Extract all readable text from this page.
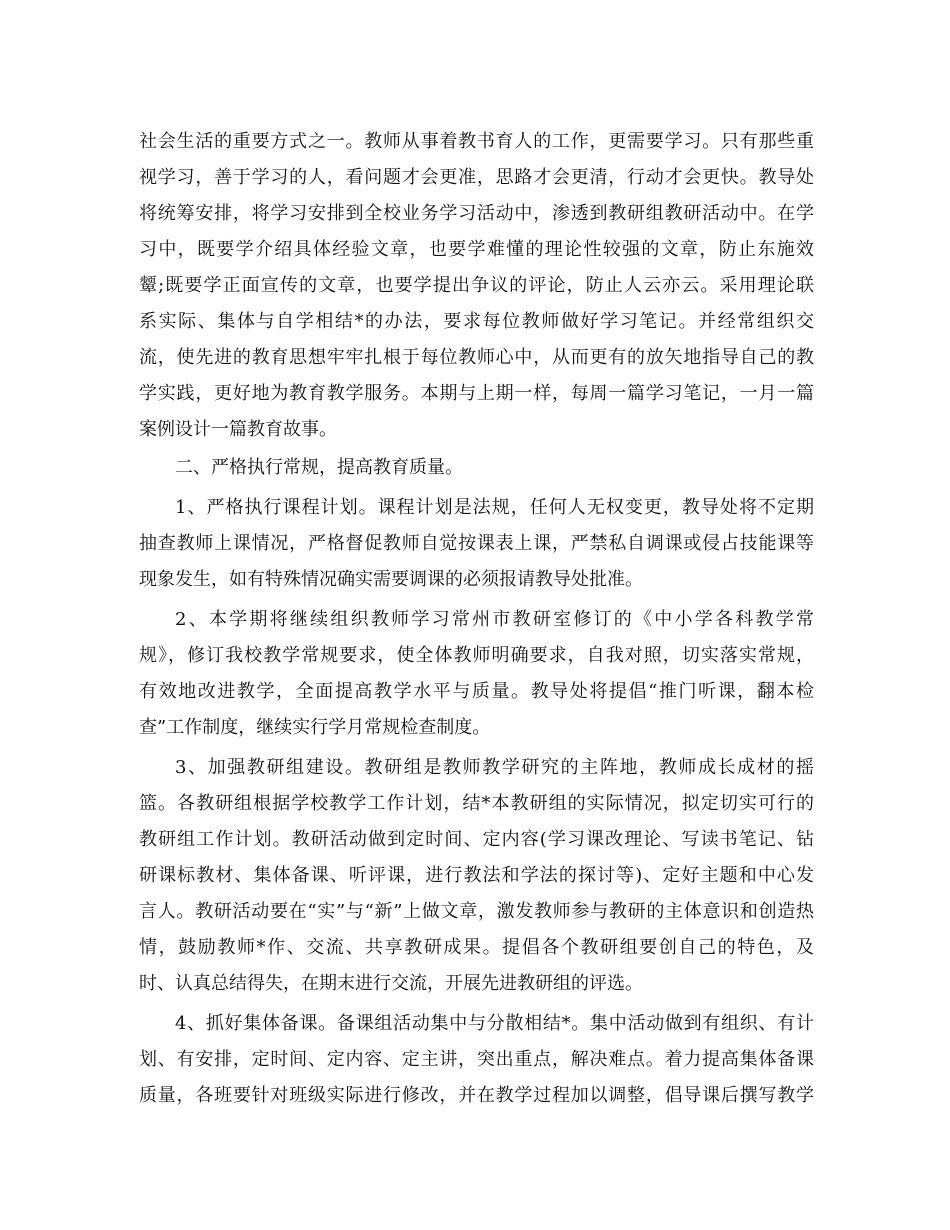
社会生活的重要方式之一。教师从事着教书育人的工作，更需要学习。只有那些重
视学习，善于学习的人，看问题才会更准，思路才会更清，行动才会更快。教导处
将统筹安排，将学习安排到全校业务学习活动中，渗透到教研组教研活动中。在学
习中，既要学介绍具体经验文章，也要学难懂的理论性较强的文章，防止东施效
颦;既要学正面宣传的文章，也要学提出争议的评论，防止人云亦云。采用理论联
系实际、集体与自学相结*的办法，要求每位教师做好学习笔记。并经常组织交
流，使先进的教育思想牢牢扎根于每位教师心中，从而更有的放矢地指导自己的教
学实践，更好地为教育教学服务。本期与上期一样，每周一篇学习笔记，一月一篇
案例设计一篇教育故事。
二、严格执行常规，提高教育质量。
1、严格执行课程计划。课程计划是法规，任何人无权变更，教导处将不定期
抽查教师上课情况，严格督促教师自觉按课表上课，严禁私自调课或侵占技能课等
现象发生，如有特殊情况确实需要调课的必须报请教导处批准。
2、本学期将继续组织教师学习常州市教研室修订的《中小学各科教学常
规》，修订我校教学常规要求，使全体教师明确要求，自我对照，切实落实常规，
有效地改进教学，全面提高教学水平与质量。教导处将提倡“推门听课，翻本检
查”工作制度，继续实行学月常规检查制度。
3、加强教研组建设。教研组是教师教学研究的主阵地，教师成长成材的摇
篮。各教研组根据学校教学工作计划，结*本教研组的实际情况，拟定切实可行的
教研组工作计划。教研活动做到定时间、定内容(学习课改理论、写读书笔记、钻
研课标教材、集体备课、听评课，进行教法和学法的探讨等)、定好主题和中心发
言人。教研活动要在“实”与“新”上做文章，激发教师参与教研的主体意识和创造热
情，鼓励教师*作、交流、共享教研成果。提倡各个教研组要创自己的特色，及
时、认真总结得失，在期末进行交流，开展先进教研组的评选。
4、抓好集体备课。备课组活动集中与分散相结*。集中活动做到有组织、有计
划、有安排，定时间、定内容、定主讲，突出重点，解决难点。着力提高集体备课
质量，各班要针对班级实际进行修改，并在教学过程加以调整，倡导课后撰写教学
